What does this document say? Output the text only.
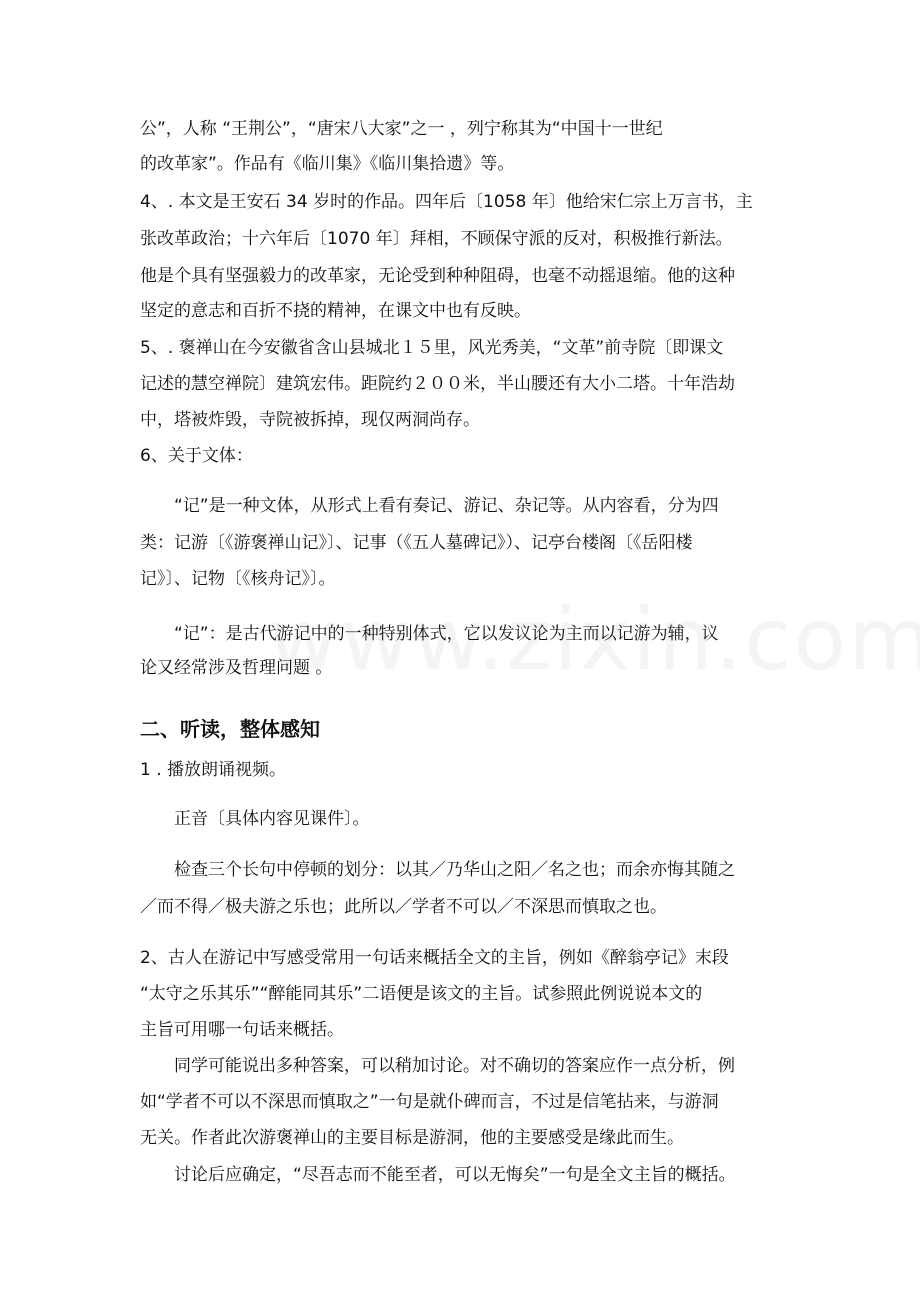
公”，人称 “王荆公”，“唐宋八大家”之一 ，列宁称其为“中国十一世纪
的改革家”。作品有《临川集》《临川集拾遗》等。
4、. 本文是王安石 34 岁时的作品。四年后〔1058 年〕他给宋仁宗上万言书，主
张改革政治；十六年后〔1070 年〕拜相，不顾保守派的反对，积极推行新法。
他是个具有坚强毅力的改革家，无论受到种种阻碍，也毫不动摇退缩。他的这种
坚定的意志和百折不挠的精神，在课文中也有反映。
5、. 褒禅山在今安徽省含山县城北１５里，风光秀美，“文革”前寺院〔即课文
记述的慧空禅院〕建筑宏伟。距院约２００米，半山腰还有大小二塔。十年浩劫
中，塔被炸毁，寺院被拆掉，现仅两洞尚存。
6、关于文体：
“记”是一种文体，从形式上看有奏记、游记、杂记等。从内容看，分为四
类：记游〔《游褒禅山记》〕、记事（《五人墓碑记》）、记亭台楼阁〔《岳阳楼
记》〕、记物〔《核舟记》〕。
“记”：是古代游记中的一种特别体式，它以发议论为主而以记游为辅，议
论又经常涉及哲理问题 。
二、听读，整体感知
1 . 播放朗诵视频。
正音〔具体内容见课件〕。
检查三个长句中停顿的划分：以其／乃华山之阳／名之也；而余亦悔其随之
／而不得／极夫游之乐也；此所以／学者不可以／不深思而慎取之也。
2、古人在游记中写感受常用一句话来概括全文的主旨，例如《醉翁亭记》末段
“太守之乐其乐”“醉能同其乐”二语便是该文的主旨。试参照此例说说本文的
主旨可用哪一句话来概括。
同学可能说出多种答案，可以稍加讨论。对不确切的答案应作一点分析，例
如“学者不可以不深思而慎取之”一句是就仆碑而言，不过是信笔拈来，与游洞
无关。作者此次游褒禅山的主要目标是游洞，他的主要感受是缘此而生。
讨论后应确定，“尽吾志而不能至者，可以无悔矣”一句是全文主旨的概括。
